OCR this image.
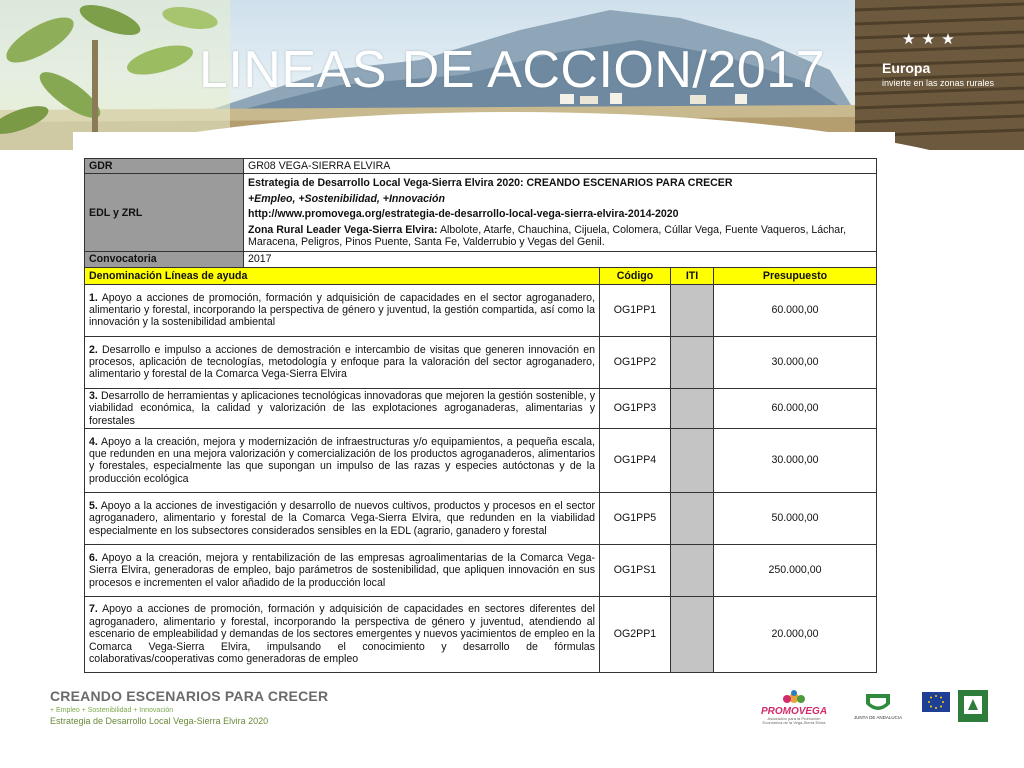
LINEAS DE ACCION/2017
★ ★ ★
Europa
invierte en las zonas rurales
GDR	GR08 VEGA-SIERRA ELVIRA			
EDL y ZRL	Estrategia de Desarrollo Local Vega-Sierra Elvira 2020: CREANDO ESCENARIOS PARA CRECER
+Empleo, +Sostenibilidad, +Innovación
http://www.promovega.org/estrategia-de-desarrollo-local-vega-sierra-elvira-2014-2020
Zona Rural Leader Vega-Sierra Elvira: Albolote, Atarfe, Chauchina, Cijuela, Colomera, Cúllar Vega, Fuente Vaqueros, Láchar, Maracena, Peligros, Pinos Puente, Santa Fe, Valderrubio y Vegas del Genil.			

Convocatoria	2017			
Denominación Líneas de ayuda		Código	ITI	Presupuesto
1. Apoyo a acciones de promoción, formación y adquisición de capacidades en el sector agroganadero, alimentario y forestal, incorporando la perspectiva de género y juventud, la gestión compartida, así como la innovación y la sostenibilidad ambiental		OG1PP1		60.000,00
2. Desarrollo e impulso a acciones de demostración e intercambio de visitas que generen innovación en procesos, aplicación de tecnologías, metodología y enfoque para la valoración del sector agroganadero, alimentario y forestal de la Comarca Vega-Sierra Elvira		OG1PP2		30.000,00
3. Desarrollo de herramientas y aplicaciones tecnológicas innovadoras que mejoren la gestión sostenible, y viabilidad económica, la calidad y valorización de las explotaciones agroganaderas, alimentarias y forestales		OG1PP3		60.000,00
4. Apoyo a la creación, mejora y modernización de infraestructuras y/o equipamientos, a pequeña escala, que redunden en una mejora valorización y comercialización de los productos agroganaderos, alimentarios y forestales, especialmente las que supongan un impulso de las razas y especies autóctonas y de la producción ecológica		OG1PP4		30.000,00
5. Apoyo a la acciones de investigación y desarrollo de nuevos cultivos, productos y procesos en el sector agroganadero, alimentario y forestal de la Comarca Vega-Sierra Elvira, que redunden en la viabilidad especialmente en los subsectores considerados sensibles en la EDL (agrario, ganadero y forestal		OG1PP5		50.000,00
6. Apoyo a la creación, mejora y rentabilización de las empresas agroalimentarias de la Comarca Vega-Sierra Elvira, generadoras de empleo, bajo parámetros de sostenibilidad, que apliquen innovación en sus procesos e incrementen el valor añadido de la producción local		OG1PS1		250.000,00
7. Apoyo a acciones de promoción, formación y adquisición de capacidades en sectores diferentes del agroganadero, alimentario y forestal, incorporando la perspectiva de género y juventud, atendiendo al escenario de empleabilidad y demandas de los sectores emergentes y nuevos yacimientos de empleo en la Comarca Vega-Sierra Elvira, impulsando el conocimiento y desarrollo de fórmulas colaborativas/cooperativas como generadoras de empleo		OG2PP1		20.000,00
CREANDO ESCENARIOS PARA CRECER
+ Empleo + Sostenibilidad + Innovación
Estrategia de Desarrollo Local Vega-Sierra Elvira 2020
PROMOVEGA
Asociación para la Promoción Económica de la Vega-Sierra Elvira
JUNTA DE ANDALUCIA
